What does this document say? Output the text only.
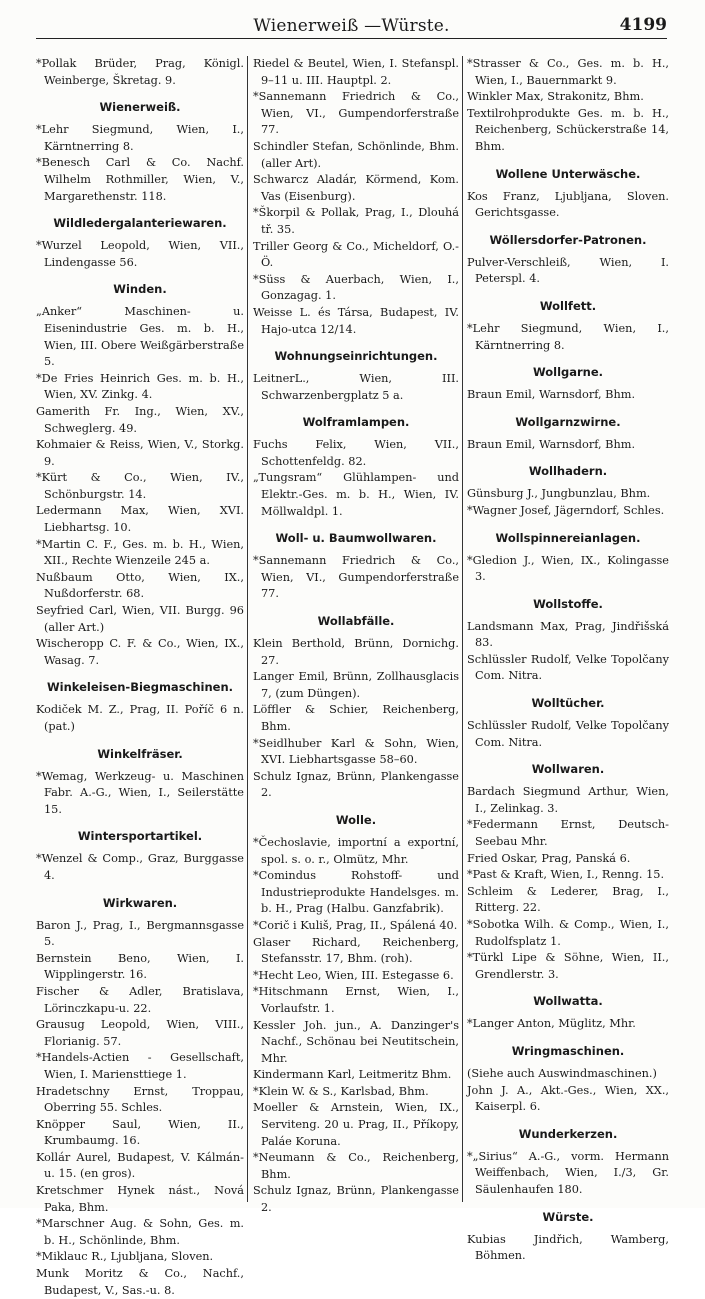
Wienerweiß —Würste.	4199
*Pollak Brüder, Prag, Königl. Weinberge, Škretag. 9.
Wienerweiß.
*Lehr Siegmund, Wien, I., Kärntnerring 8.
*Benesch Carl & Co. Nachf. Wilhelm Rothmiller, Wien, V., Margarethenstr. 118.
Wildledergalanteriewaren.
*Wurzel Leopold, Wien, VII., Lindengasse 56.
Winden.
„Anker“ Maschinen- u. Eisenindustrie Ges. m. b. H., Wien, III. Obere Weißgärberstraße 5.
*De Fries Heinrich Ges. m. b. H., Wien, XV. Zinkg. 4.
Gamerith Fr. Ing., Wien, XV., Schweglerg. 49.
Kohmaier & Reiss, Wien, V., Storkg. 9.
*Kürt & Co., Wien, IV., Schönburgstr. 14.
Ledermann Max, Wien, XVI. Liebhartsg. 10.
*Martin C. F., Ges. m. b. H., Wien, XII., Rechte Wienzeile 245 a.
Nußbaum Otto, Wien, IX., Nußdorferstr. 68.
Seyfried Carl, Wien, VII. Burgg. 96 (aller Art.)
Wischeropp C. F. & Co., Wien, IX., Wasag. 7.
Winkeleisen-Biegmaschinen.
Kodiček M. Z., Prag, II. Poříč 6 n. (pat.)
Winkelfräser.
*Wemag, Werkzeug- u. Maschinen Fabr. A.-G., Wien, I., Seilerstätte 15.
Wintersportartikel.
*Wenzel & Comp., Graz, Burggasse 4.
Wirkwaren.
Baron J., Prag, I., Bergmannsgasse 5.
Bernstein Beno, Wien, I. Wipplingerstr. 16.
Fischer & Adler, Bratislava, Lörinczkapu-u. 22.
Grausug Leopold, Wien, VIII., Florianig. 57.
*Handels-Actien - Gesellschaft, Wien, I. Mariensttiege 1.
Hradetschny Ernst, Troppau, Oberring 55. Schles.
Knöpper Saul, Wien, II., Krumbaumg. 16.
Kollár Aurel, Budapest, V. Kálmán-u. 15. (en gros).
Kretschmer Hynek nást., Nová Paka, Bhm.
*Marschner Aug. & Sohn, Ges. m. b. H., Schönlinde, Bhm.
*Miklauc R., Ljubljana, Sloven.
Munk Moritz & Co., Nachf., Budapest, V., Sas.-u. 8.
Riedel & Beutel, Wien, I. Stefanspl. 9–11 u. III. Hauptpl. 2.
*Sannemann Friedrich & Co., Wien, VI., Gumpendorferstraße 77.
Schindler Stefan, Schönlinde, Bhm. (aller Art).
Schwarcz Aladár, Körmend, Kom. Vas (Eisenburg).
*Škorpil & Pollak, Prag, I., Dlouhá tř. 35.
Triller Georg & Co., Micheldorf, O.-Ö.
*Süss & Auerbach, Wien, I., Gonzagag. 1.
Weisse L. és Társa, Budapest, IV. Hajo-utca 12/14.
Wohnungseinrichtungen.
LeitnerL., Wien, III. Schwarzenbergplatz 5 a.
Wolframlampen.
Fuchs Felix, Wien, VII., Schottenfeldg. 82.
„Tungsram“ Glühlampen- und Elektr.-Ges. m. b. H., Wien, IV. Möllwaldpl. 1.
Woll- u. Baumwollwaren.
*Sannemann Friedrich & Co., Wien, VI., Gumpendorferstraße 77.
Wollabfälle.
Klein Berthold, Brünn, Dornichg. 27.
Langer Emil, Brünn, Zollhausglacis 7, (zum Düngen).
Löffler & Schier, Reichenberg, Bhm.
*Seidlhuber Karl & Sohn, Wien, XVI. Liebhartsgasse 58–60.
Schulz Ignaz, Brünn, Plankengasse 2.
Wolle.
*Čechoslavie, importní a exportní, spol. s. o. r., Olmütz, Mhr.
*Comindus Rohstoff- und Industrieprodukte Handelsges. m. b. H., Prag (Halbu. Ganzfabrik).
*Corič i Kuliš, Prag, II., Spálená 40.
Glaser Richard, Reichenberg, Stefansstr. 17, Bhm. (roh).
*Hecht Leo, Wien, III. Estegasse 6.
*Hitschmann Ernst, Wien, I., Vorlaufstr. 1.
Kessler Joh. jun., A. Danzinger's Nachf., Schönau bei Neutitschein, Mhr.
Kindermann Karl, Leitmeritz Bhm.
*Klein W. & S., Karlsbad, Bhm.
Moeller & Arnstein, Wien, IX., Serviteng. 20 u. Prag, II., Příkopy, Paláe Koruna.
*Neumann & Co., Reichenberg, Bhm.
Schulz Ignaz, Brünn, Plankengasse 2.
*Strasser & Co., Ges. m. b. H., Wien, I., Bauernmarkt 9.
Winkler Max, Strakonitz, Bhm.
Textilrohprodukte Ges. m. b. H., Reichenberg, Schückerstraße 14, Bhm.
Wollene Unterwäsche.
Kos Franz, Ljubljana, Sloven. Gerichtsgasse.
Wöllersdorfer-Patronen.
Pulver-Verschleiß, Wien, I. Peterspl. 4.
Wollfett.
*Lehr Siegmund, Wien, I., Kärntnerring 8.
Wollgarne.
Braun Emil, Warnsdorf, Bhm.
Wollgarnzwirne.
Braun Emil, Warnsdorf, Bhm.
Wollhadern.
Günsburg J., Jungbunzlau, Bhm.
*Wagner Josef, Jägerndorf, Schles.
Wollspinnereianlagen.
*Gledion J., Wien, IX., Kolingasse 3.
Wollstoffe.
Landsmann Max, Prag, Jindřišská 83.
Schlüssler Rudolf, Velke Topolčany Com. Nitra.
Wolltücher.
Schlüssler Rudolf, Velke Topolčany Com. Nitra.
Wollwaren.
Bardach Siegmund Arthur, Wien, I., Zelinkag. 3.
*Federmann Ernst, Deutsch-Seebau Mhr.
Fried Oskar, Prag, Panská 6.
*Past & Kraft, Wien, I., Renng. 15.
Schleim & Lederer, Brag, I., Ritterg. 22.
*Sobotka Wilh. & Comp., Wien, I., Rudolfsplatz 1.
*Türkl Lipe & Söhne, Wien, II., Grendlerstr. 3.
Wollwatta.
*Langer Anton, Müglitz, Mhr.
Wringmaschinen.
(Siehe auch Auswindmaschinen.)
John J. A., Akt.-Ges., Wien, XX., Kaiserpl. 6.
Wunderkerzen.
*„Sirius“ A.-G., vorm. Hermann Weiffenbach, Wien, I./3, Gr. Säulenhaufen 180.
Würste.
Kubias Jindřich, Wamberg, Böhmen.
